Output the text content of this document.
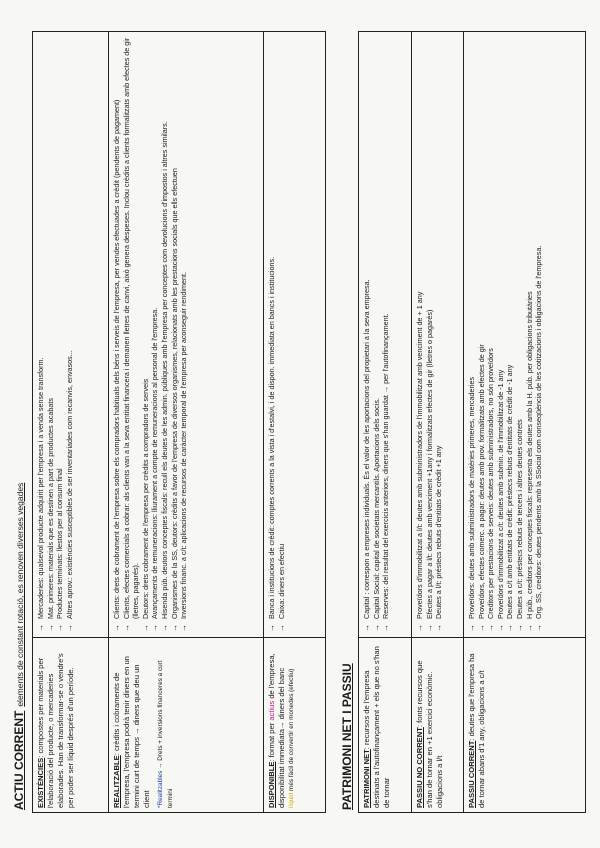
ACTIU CORRENTelements de constant rotació, es renoven diverses vegades
EXISTÈNCIES: compostes per materials per l'elaboració del producte, o mercaderies elaborades. Han de transformar-se o vendre's per poder ser líquid després d'un període.
→ Mercaderies: qualsevol producte adquirit per l'empresa i a venda sense transform. → Mat. primeres: materials que es destinen a part de productes acabats → Productes terminats: llestos per al consum final → Altres aprov.: existències susceptibles de ser inventariades com recanvis, envasos...
REALITZABLE: crèdits i cobraments de l'empresa, l'empresa podrà tenir diners en un termini curt de temps → diners que deu un client *Realitzables → Drets + inversions financeres a curt termini
→ Clients: drets de cobrament de l'empresa sobre els compradors habituals dels béns i serveis de l'empresa, per vendes efectuades a crèdit (pendents de pagament) → Clients, efectes comercials a cobrar: als clients van a la seva entitat financera i demanen lletres de canvi, això genera despeses. Inclou crèdits a clients formalitzats amb efectes de gir (lletres, pagarés). → Deutors: drets cobrament de l'empresa per crèdits a compradors de serveis → Avançaments de remuneracions: lliurament a compte de remuneracions al personal de l'empresa. → Hisenda púb. deutors conceptes fiscals: recull els deutes de les admin. públiques amb l'empresa per conceptes com devolucions d'impostos i altres similars. → Organismes de la SS, deutors: crèdits a favor de l'empresa de diversos organismes, relacionats amb les prestacions socials que ells efectuen → Inversions financ. a c/t: aplicacions de recursos de caràcter temporal de l'empresa per aconseguir rendiment.
DISPONIBLE: format per actius de l'empresa, disponibilitat immediata→ diners del banc líquid més fàcil de convertir en monedes (efectiu)
→ Banca i institucions de crèdit: comptes corrents a la vista i d'estalvi, i de dispon. immediata en bancs i institucions. → Caixa: diners en efectiu
PATRIMONI NET I PASSIU PATRIMONI NET: recursos de l'empresa destinats a l'autofinançament + els que no s'han de tornar
→ Capital : correspon a empreses individuals. És el valor de les aportacions del propietari a la seva empresa. → Capital Social: capital de societats mercantils. Aportacions dels socis. → Reserves: del resultat del exercicis anteriors, diners que s'han guardat → per l'autofinançament.
PASSIU NO CORRENT: fonts recursos que s'han de tornar en +1 exercici econòmic. obligacions a l/t
→ Proveïdors d'immobilitzat a l/t: deutes amb subministradors de l'immobilitzat amb venciment de + 1 any → Efectes a pagar a l/t: deutes amb venciment +1any i formalitzats efectes de gir (lletres o pagarés) → Deutes a l/t: préstecs rebuts d'entitats de crèdit +1 any
PASSIU CORRENT: deutes que l'empresa ha de tornar abans d'1 any, obligacions a c/t
→ Proveïdors: deutes amb subministradors de matèries primeres, mercaderies → Proveïdors, efectes comerc. a pagar: deutes amb prov. formalitzats amb efectes de gir → Creditors per prestacions de serveis: deutes amb subministradors, no són proveïdors → Proveïdors d'immobilitzat a c/t: deutes amb submin. de l'immobilitzat de -1 any → Deutes a c/t amb entitats de crèdit: préstecs rebuts d'entitats de crèdit de -1 any → Deutes a c/t: préstecs rebuts de tercers i altres deutes contrets → H púb., creditors per conceptes fiscals: representa els deutes amb la H. púb. per obligacions tributàries → Org. SS, creditors: deutes pendents amb la SSocial com conseqüència de les cotitzacions i obligacions de l'empresa.
